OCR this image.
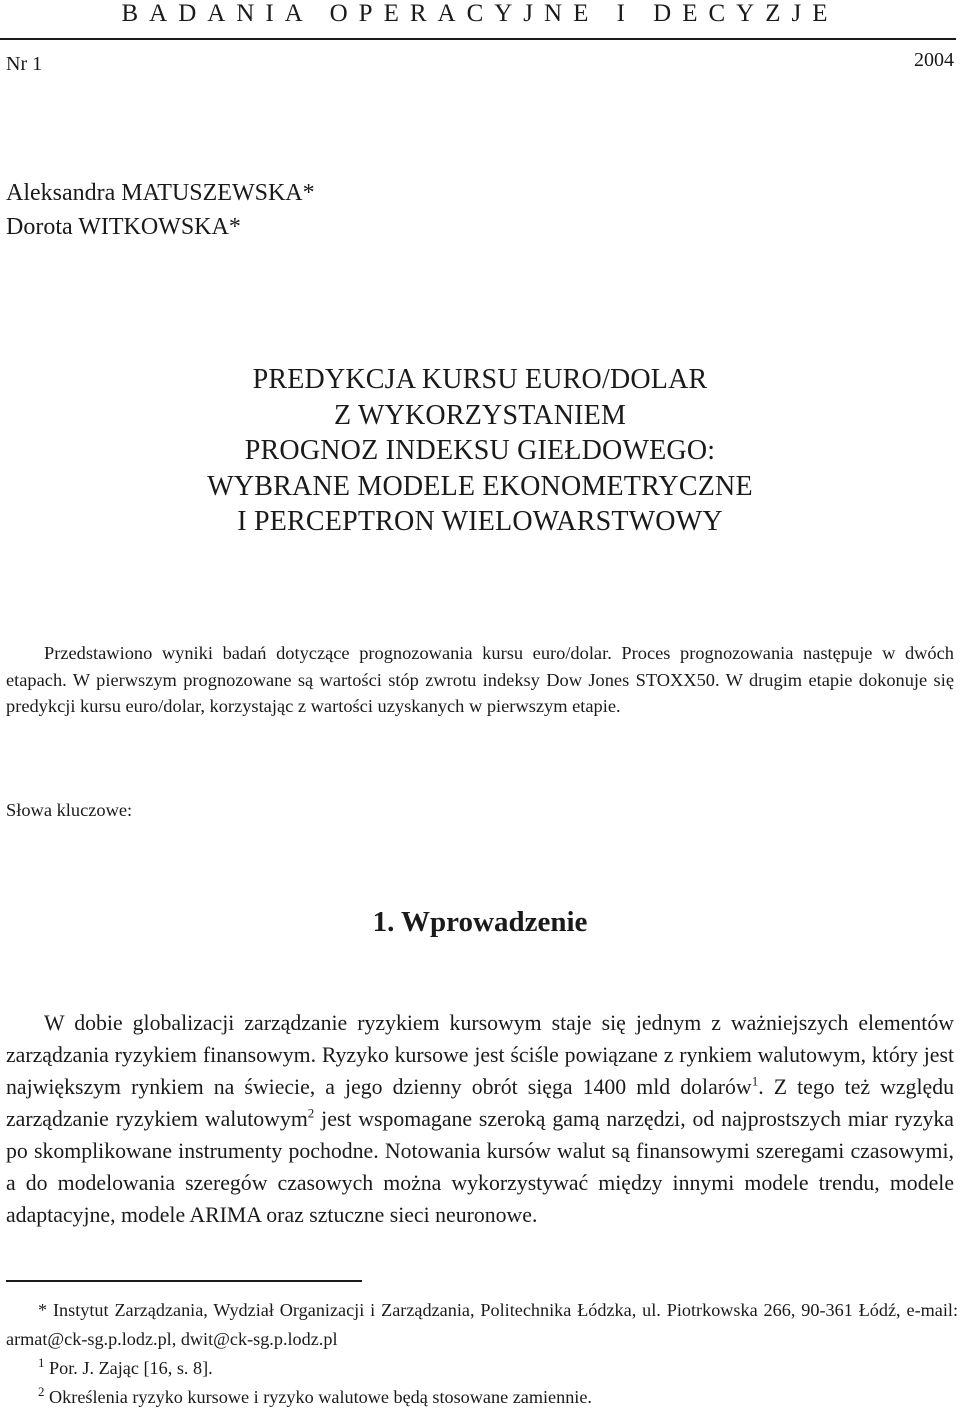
BADANIA OPERACYJNE I DECYZJE
Nr 1	2004
Aleksandra MATUSZEWSKA*
Dorota WITKOWSKA*
PREDYKCJA KURSU EURO/DOLAR
Z WYKORZYSTANIEM
PROGNOZ INDEKSU GIEŁDOWEGO:
WYBRANE MODELE EKONOMETRYCZNE
I PERCEPTRON WIELOWARSTWOWY
Przedstawiono wyniki badań dotyczące prognozowania kursu euro/dolar. Proces prognozowania następuje w dwóch etapach. W pierwszym prognozowane są wartości stóp zwrotu indeksy Dow Jones STOXX50. W drugim etapie dokonuje się predykcji kursu euro/dolar, korzystając z wartości uzyskanych w pierwszym etapie.
Słowa kluczowe:
1. Wprowadzenie
W dobie globalizacji zarządzanie ryzykiem kursowym staje się jednym z ważniejszych elementów zarządzania ryzykiem finansowym. Ryzyko kursowe jest ściśle powiązane z rynkiem walutowym, który jest największym rynkiem na świecie, a jego dzienny obrót sięga 1400 mld dolarów$^1$. Z tego też względu zarządzanie ryzykiem walutowym$^2$ jest wspomagane szeroką gamą narzędzi, od najprostszych miar ryzyka po skomplikowane instrumenty pochodne. Notowania kursów walut są finansowymi szeregami czasowymi, a do modelowania szeregów czasowych można wykorzystywać między innymi modele trendu, modele adaptacyjne, modele ARIMA oraz sztuczne sieci neuronowe.
* Instytut Zarządzania, Wydział Organizacji i Zarządzania, Politechnika Łódzka, ul. Piotrkowska 266, 90-361 Łódź, e-mail: armat@ck-sg.p.lodz.pl, dwit@ck-sg.p.lodz.pl
$^1$ Por. J. Zając [16, s. 8].
$^2$ Określenia ryzyko kursowe i ryzyko walutowe będą stosowane zamiennie.
